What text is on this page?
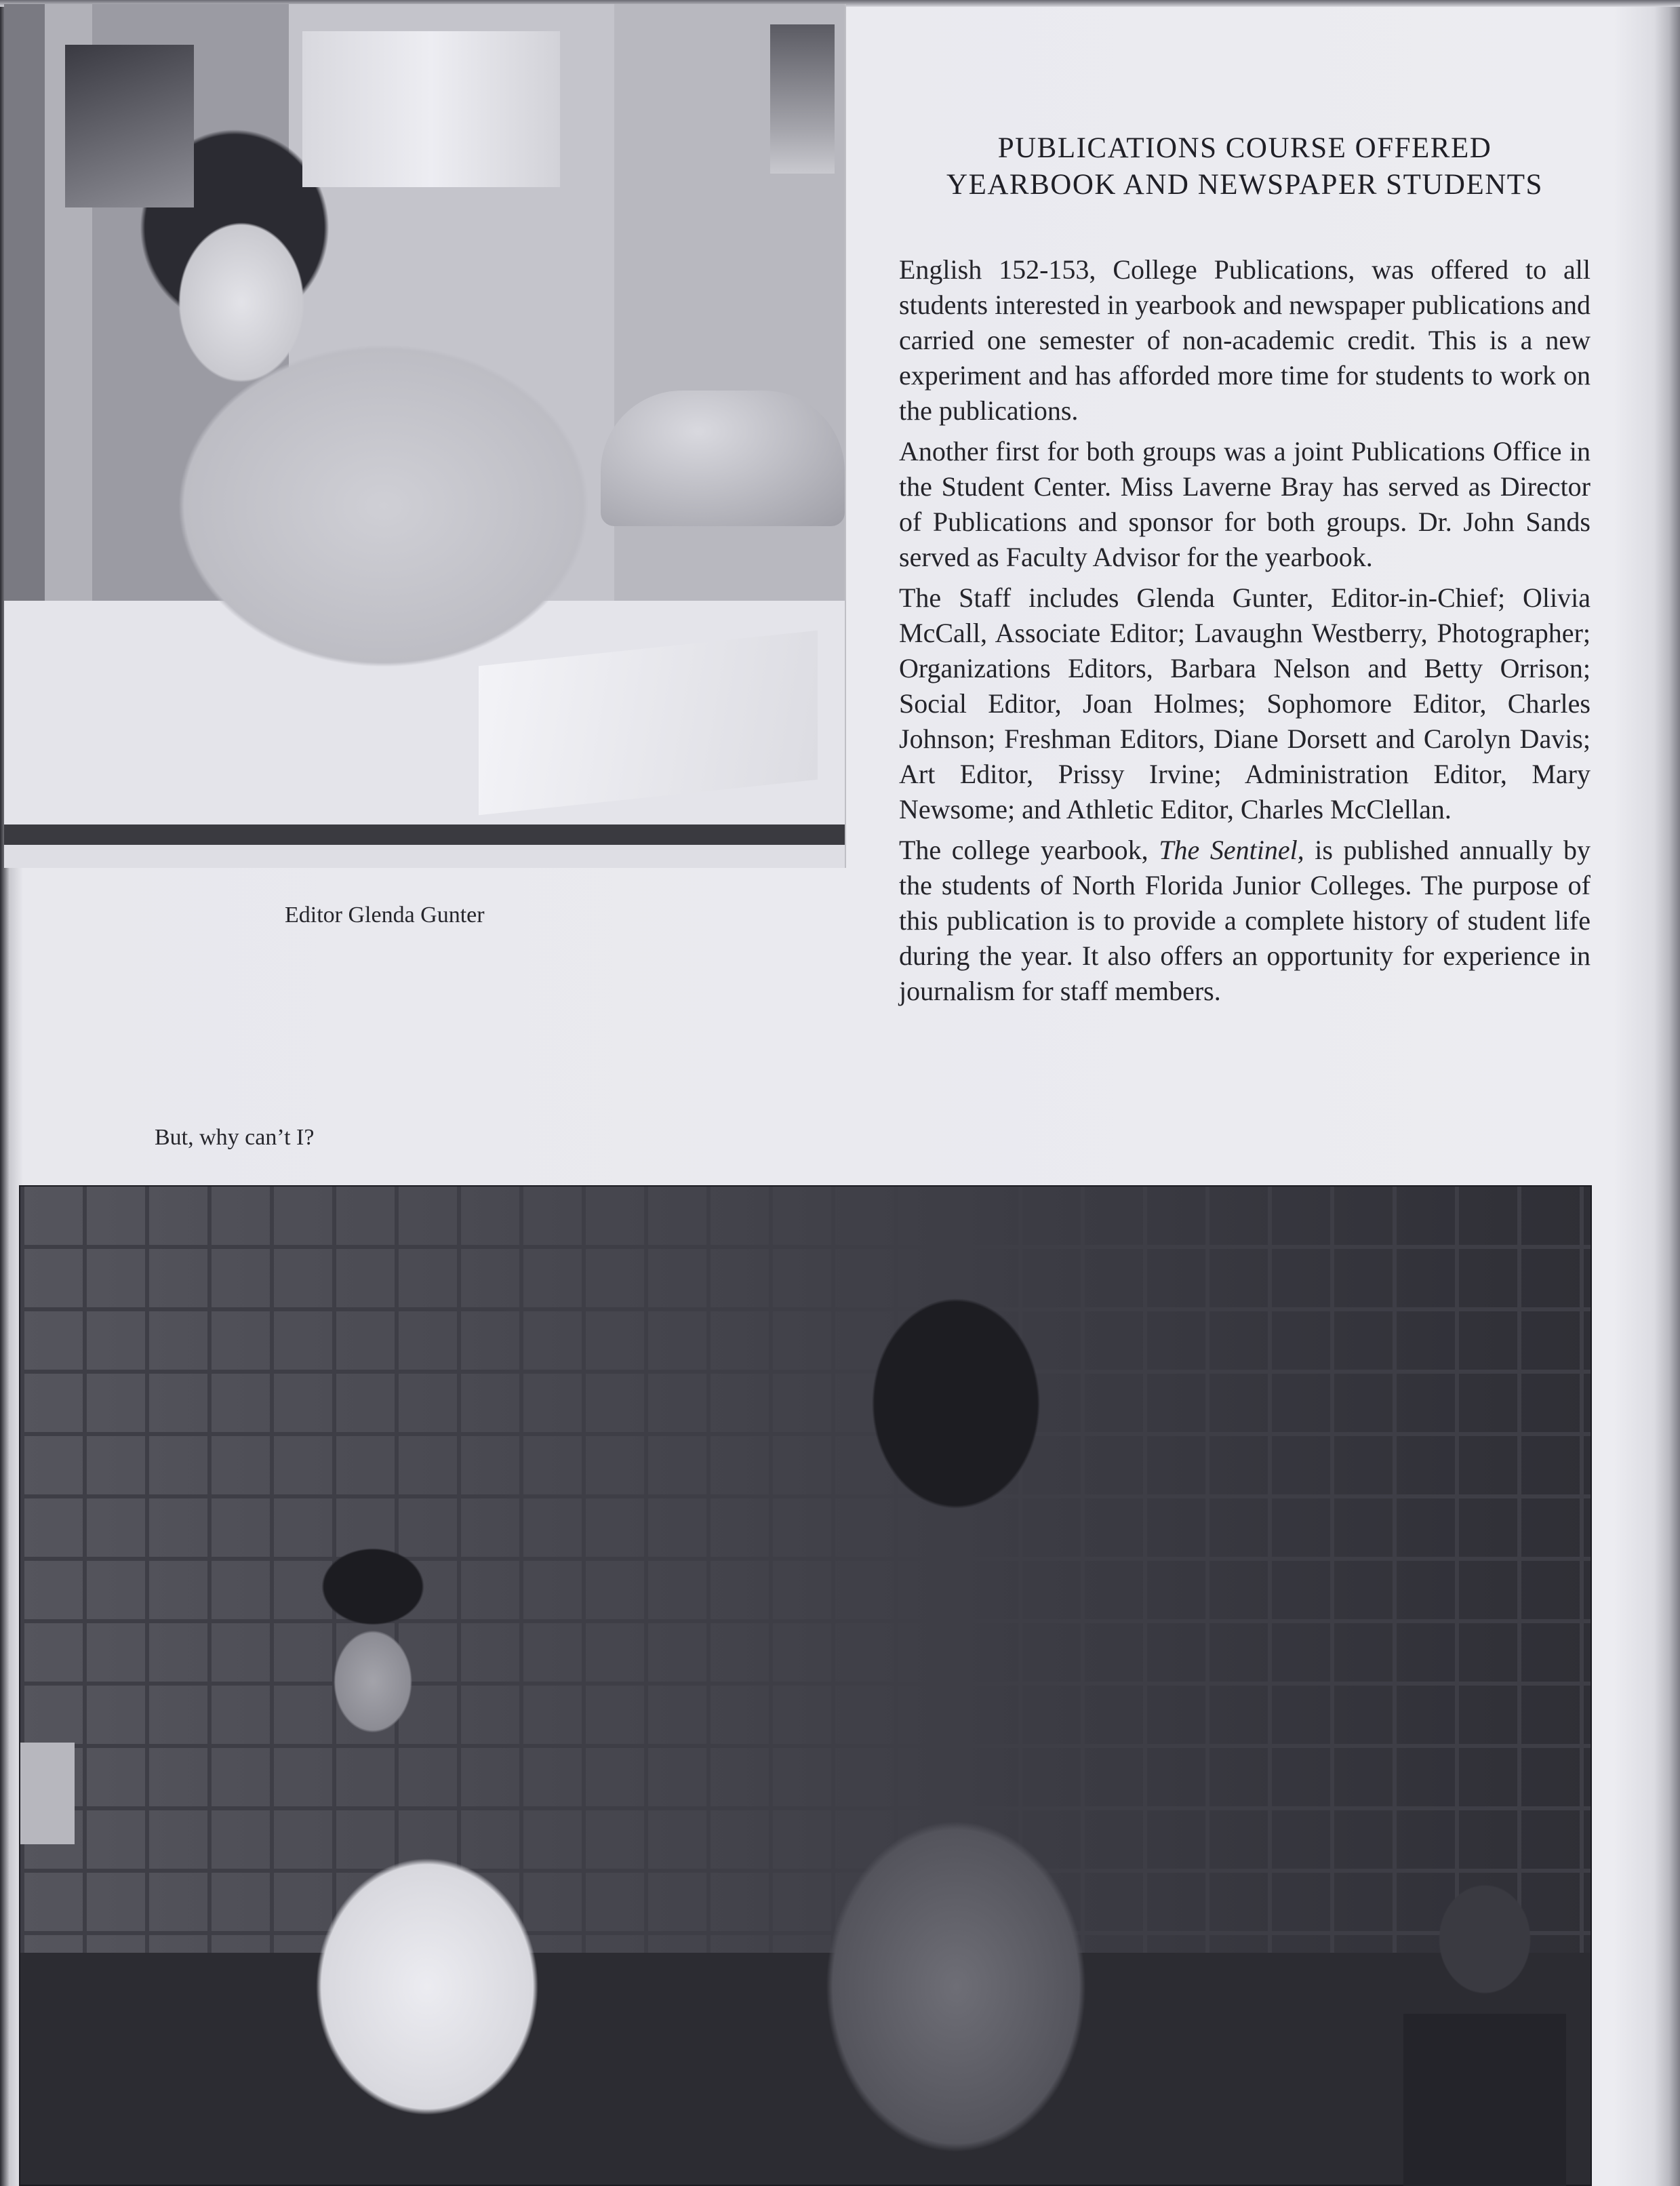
PUBLICATIONS COURSE OFFERED
YEARBOOK AND NEWSPAPER STUDENTS

English 152-153, College Publications, was offered to all students interested in yearbook and newspaper publications and carried one semester of non-academic credit. This is a new experiment and has afforded more time for students to work on the publications.

Another first for both groups was a joint Publications Office in the Student Center. Miss Laverne Bray has served as Director of Publications and sponsor for both groups. Dr. John Sands served as Faculty Advisor for the yearbook.

The Staff includes Glenda Gunter, Editor-in-Chief; Olivia McCall, Associate Editor; Lavaughn Westberry, Photographer; Organizations Editors, Barbara Nelson and Betty Orrison; Social Editor, Joan Holmes; Sophomore Editor, Charles Johnson; Freshman Editors, Diane Dorsett and Carolyn Davis; Art Editor, Prissy Irvine; Administration Editor, Mary Newsome; and Athletic Editor, Charles McClellan.

The college yearbook, The Sentinel, is published annually by the students of North Florida Junior Colleges. The purpose of this publication is to provide a complete history of student life during the year. It also offers an opportunity for experience in journalism for staff members.

Editor Glenda Gunter
But, why can’t I?
